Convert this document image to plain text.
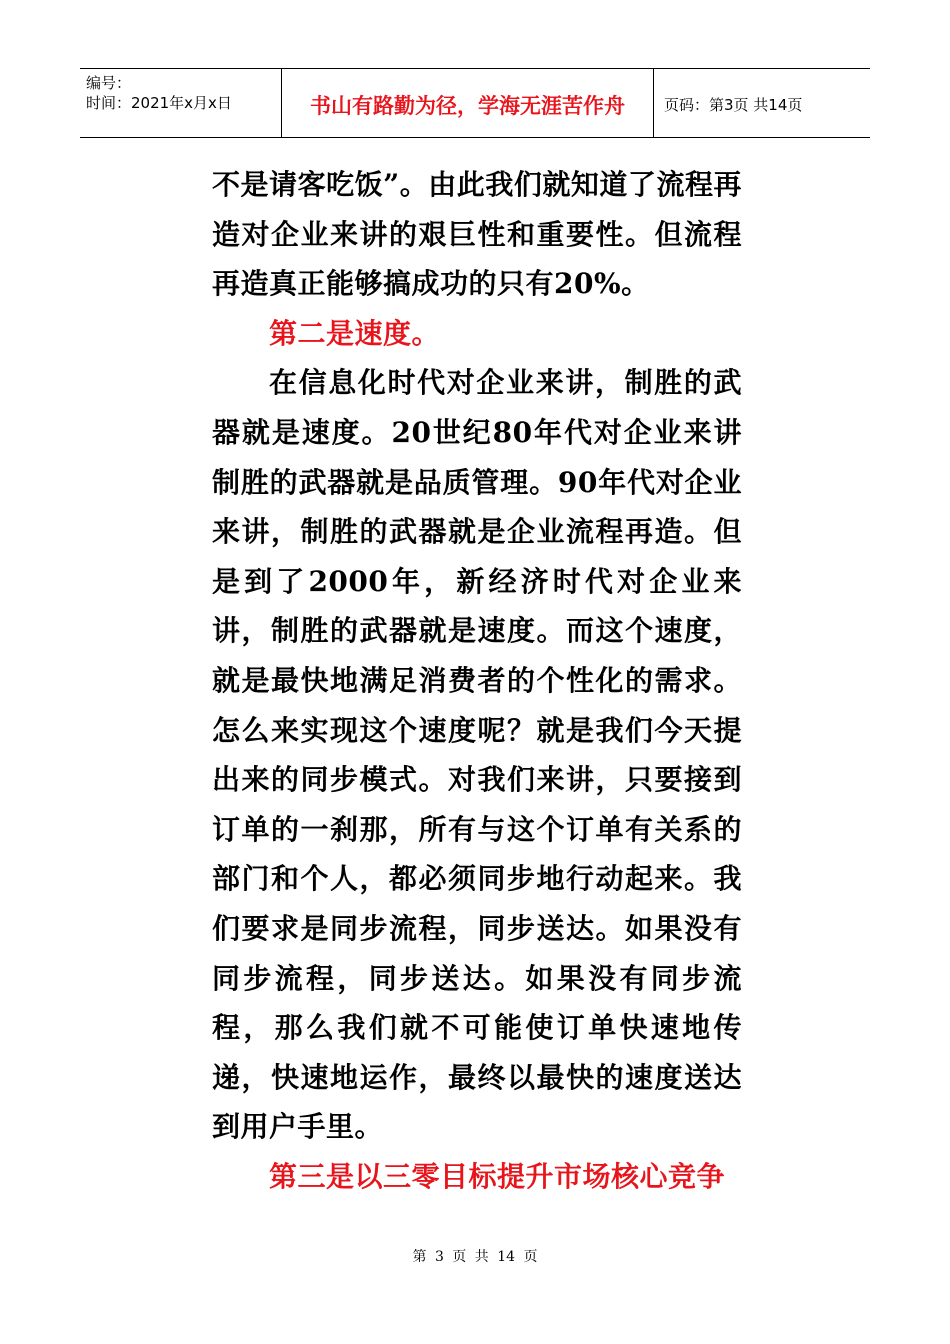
编号：
时间：2021年x月x日	书山有路勤为径，学海无涯苦作舟	页码：第3页 共14页

不是请客吃饭”。由此我们就知道了流程再造对企业来讲的艰巨性和重要性。但流程再造真正能够搞成功的只有20%。

第二是速度。

在信息化时代对企业来讲，制胜的武器就是速度。20世纪80年代对企业来讲制胜的武器就是品质管理。90年代对企业来讲，制胜的武器就是企业流程再造。但是到了2000年，新经济时代对企业来讲，制胜的武器就是速度。而这个速度，就是最快地满足消费者的个性化的需求。怎么来实现这个速度呢？就是我们今天提出来的同步模式。对我们来讲，只要接到订单的一刹那，所有与这个订单有关系的部门和个人，都必须同步地行动起来。我们要求是同步流程，同步送达。如果没有同步流程，同步送达。如果没有同步流程，那么我们就不可能使订单快速地传递，快速地运作，最终以最快的速度送达到用户手里。

第三是以三零目标提升市场核心竞争

第 3 页 共 14 页
